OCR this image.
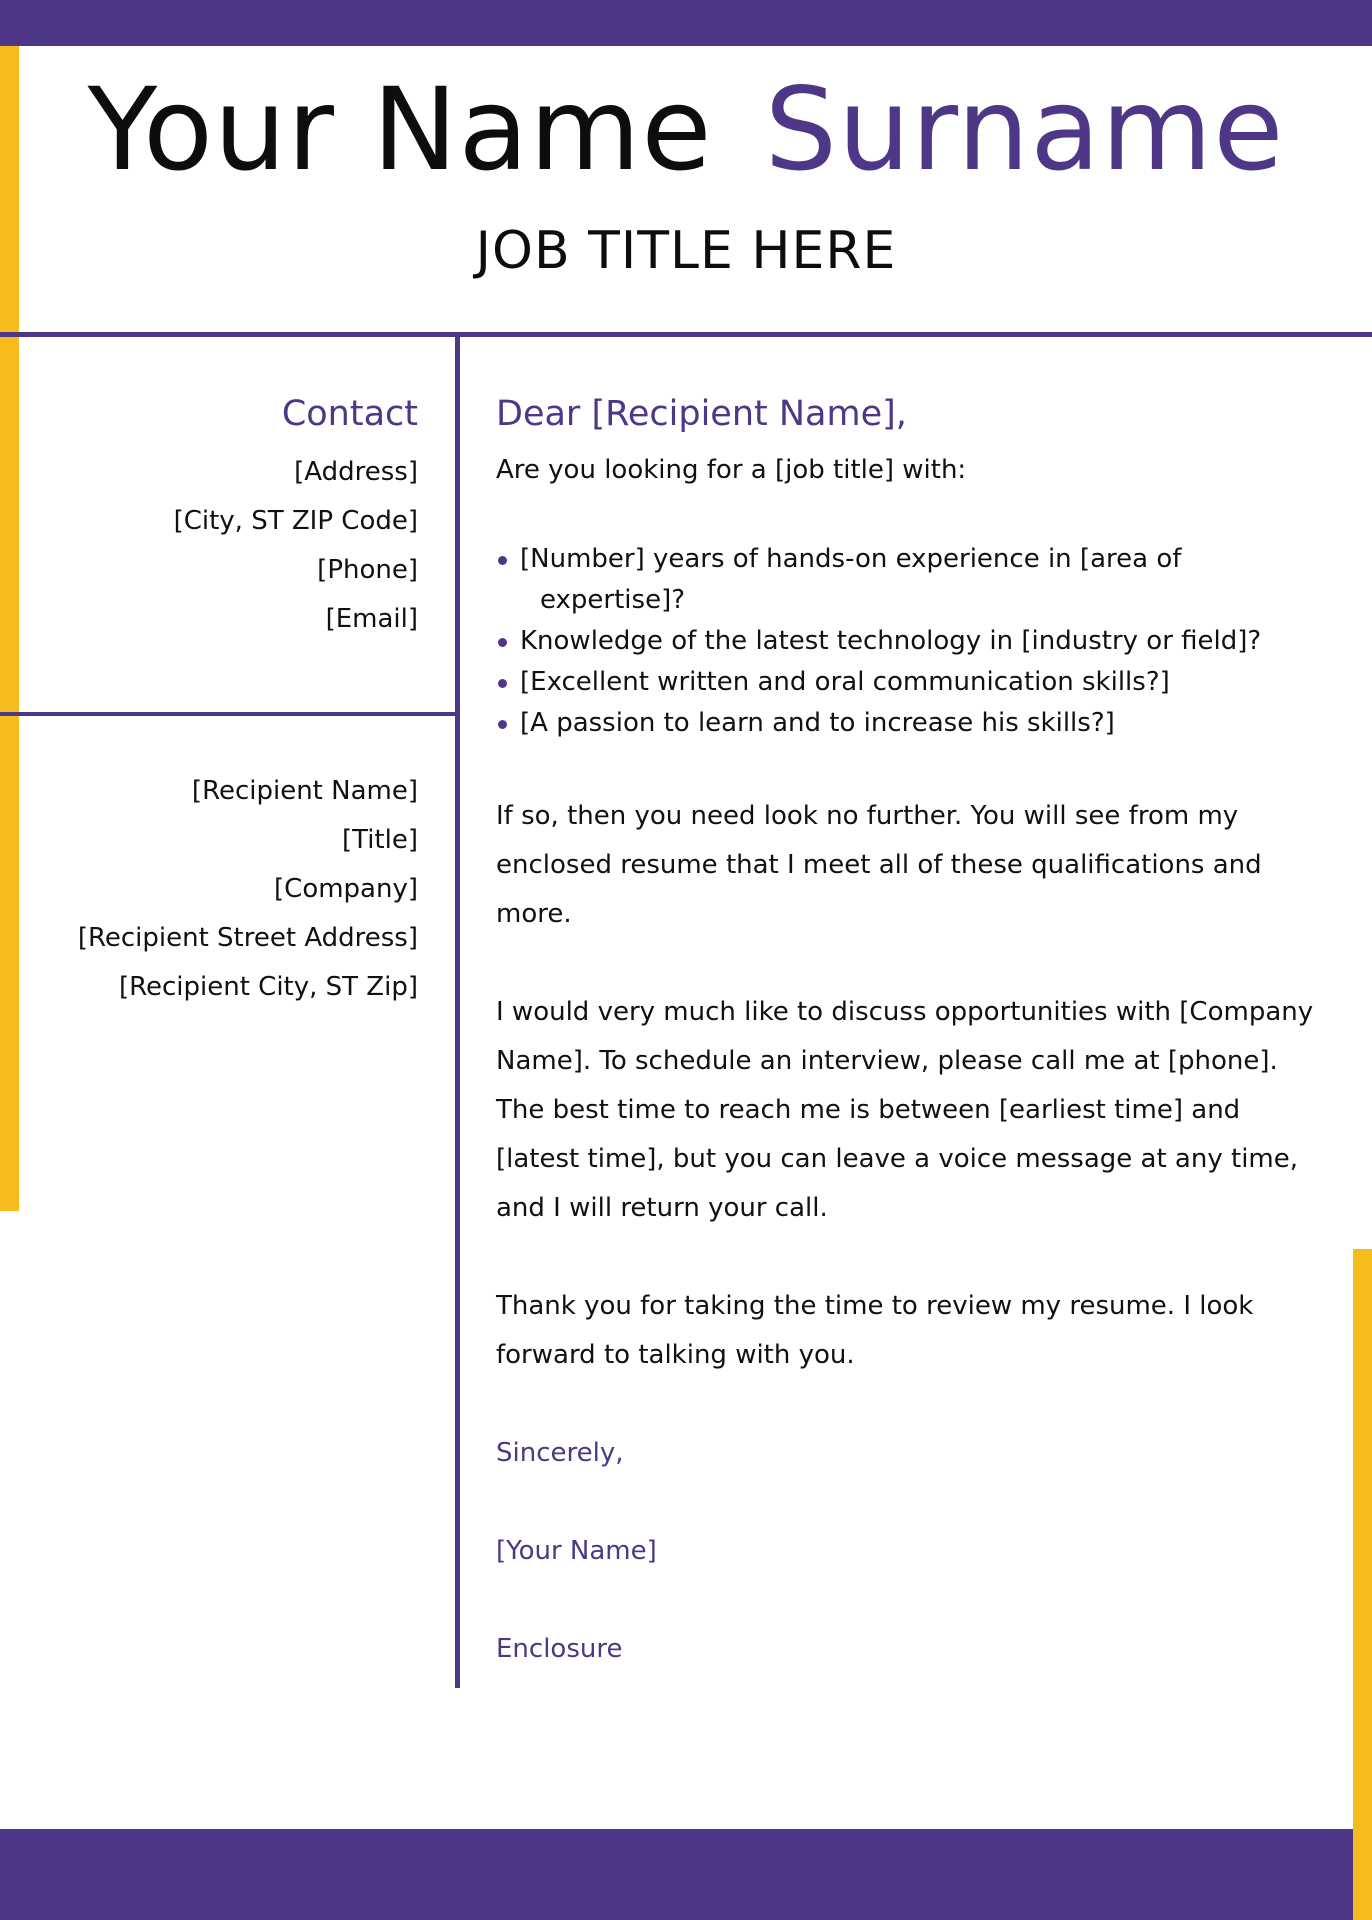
Your Name Surname
JOB TITLE HERE
Contact
[Address]
[City, ST ZIP Code]
[Phone]
[Email]
[Recipient Name]
[Title]
[Company]
[Recipient Street Address]
[Recipient City, ST Zip]
Dear [Recipient Name],

Are you looking for a [job title] with:

[Number] years of hands-on experience in [area of
expertise]?
Knowledge of the latest technology in [industry or field]?
[Excellent written and oral communication skills?]
[A passion to learn and to increase his skills?]

If so, then you need look no further. You will see from my
enclosed resume that I meet all of these qualifications and
more.

I would very much like to discuss opportunities with [Company
Name]. To schedule an interview, please call me at [phone].
The best time to reach me is between [earliest time] and
[latest time], but you can leave a voice message at any time,
and I will return your call.

Thank you for taking the time to review my resume. I look
forward to talking with you.

Sincerely,

[Your Name]

Enclosure
